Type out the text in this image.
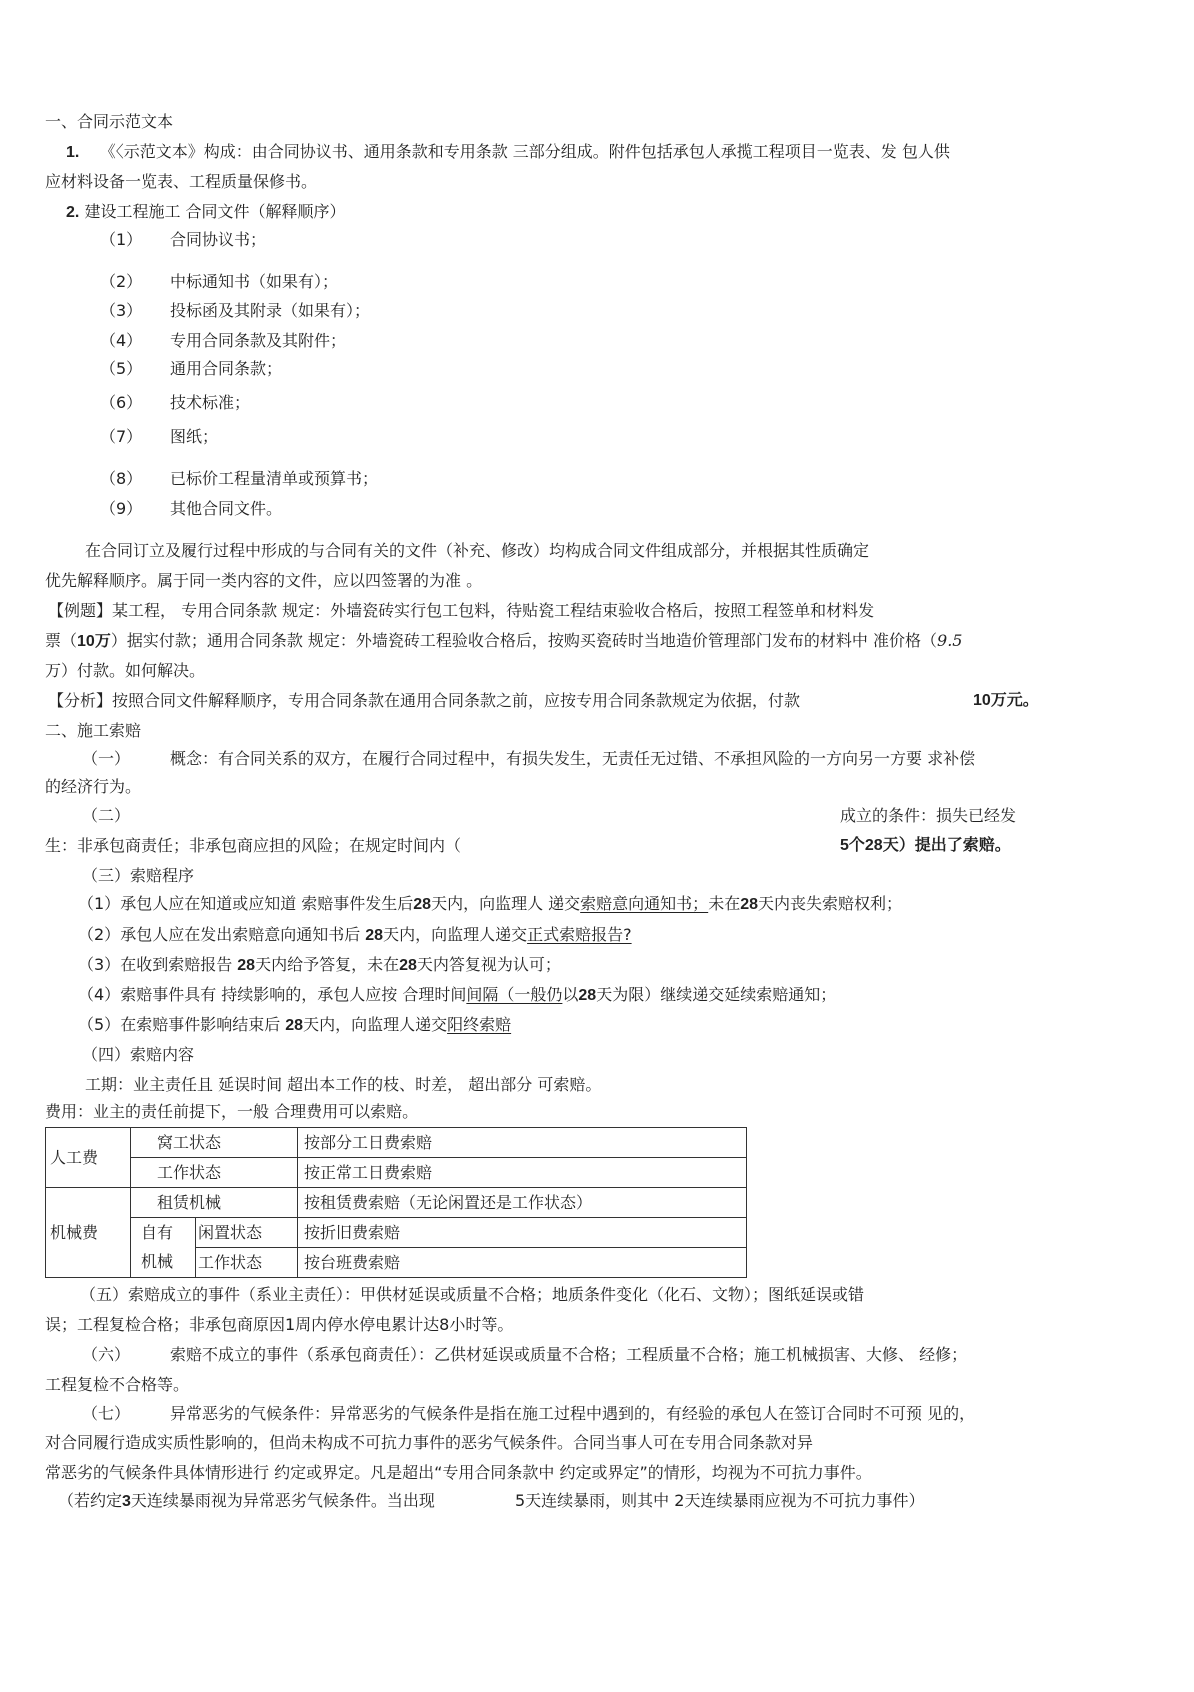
一、合同示范文本
1. 《〈示范文本》构成：由合同协议书、通用条款和专用条款 三部分组成。附件包括承包人承揽工程项目一览表、发 包人供
应材料设备一览表、工程质量保修书。
2. 建设工程施工 合同文件（解释顺序）
（1） 合同协议书；
（2） 中标通知书（如果有）；
（3） 投标函及其附录（如果有）；
（4） 专用合同条款及其附件；
（5） 通用合同条款；
（6） 技术标准；
（7） 图纸；
（8） 已标价工程量清单或预算书；
（9） 其他合同文件。
在合同订立及履行过程中形成的与合同有关的文件（补充、修改）均构成合同文件组成部分，并根据其性质确定
优先解释顺序。属于同一类内容的文件，应以四签署的为准 。
【例题】某工程， 专用合同条款 规定：外墙瓷砖实行包工包料，待贴瓷工程结束验收合格后，按照工程签单和材料发
票（10万）据实付款；通用合同条款 规定：外墙瓷砖工程验收合格后，按购买瓷砖时当地造价管理部门发布的材料中 准价格（9.5
万）付款。如何解决。
【分析】按照合同文件解释顺序，专用合同条款在通用合同条款之前，应按专用合同条款规定为依据，付款	10万元。
二、施工索赔
（一） 概念：有合同关系的双方，在履行合同过程中，有损失发生，无责任无过错、不承担风险的一方向另一方要 求补偿
的经济行为。
（二）	成立的条件：损失已经发
生：非承包商责任；非承包商应担的风险；在规定时间内（	5个28天）提出了索赔。
（三）索赔程序
（1）承包人应在知道或应知道 索赔事件发生后28天内，向监理人 递交索赔意向通知书；未在28天内丧失索赔权利；
（2）承包人应在发出索赔意向通知书后 28天内，向监理人递交正式索赔报告?
（3）在收到索赔报告 28天内给予答复，未在28天内答复视为认可；
（4）索赔事件具有 持续影响的，承包人应按 合理时间间隔（一般仍以28天为限）继续递交延续索赔通知；
（5）在索赔事件影响结束后 28天内，向监理人递交阳终索赔
（四）索赔内容
工期：业主责任且 延误时间 超出本工作的枝、时差， 超出部分 可索赔。
费用：业主的责任前提下，一般 合理费用可以索赔。
人工费	窝工状态		按部分工日费索赔
	工作状态		按正常工日费索赔
机械费	租赁机械		按租赁费索赔（无论闲置还是工作状态）
	自有	闲置状态	按折旧费索赔
	机械	工作状态	按台班费索赔
（五）索赔成立的事件（系业主责任）：甲供材延误或质量不合格；地质条件变化（化石、文物）；图纸延误或错
误；工程复检合格；非承包商原因1周内停水停电累计达8小时等。
（六） 索赔不成立的事件（系承包商责任）：乙供材延误或质量不合格；工程质量不合格；施工机械损害、大修、 经修；
工程复检不合格等。
（七） 异常恶劣的气候条件：异常恶劣的气候条件是指在施工过程中遇到的，有经验的承包人在签订合同时不可预 见的，
对合同履行造成实质性影响的，但尚未构成不可抗力事件的恶劣气候条件。合同当事人可在专用合同条款对异
常恶劣的气候条件具体情形进行 约定或界定。凡是超出“专用合同条款中 约定或界定”的情形，均视为不可抗力事件。
（若约定3天连续暴雨视为异常恶劣气候条件。当出现	5天连续暴雨，则其中 2天连续暴雨应视为不可抗力事件）
